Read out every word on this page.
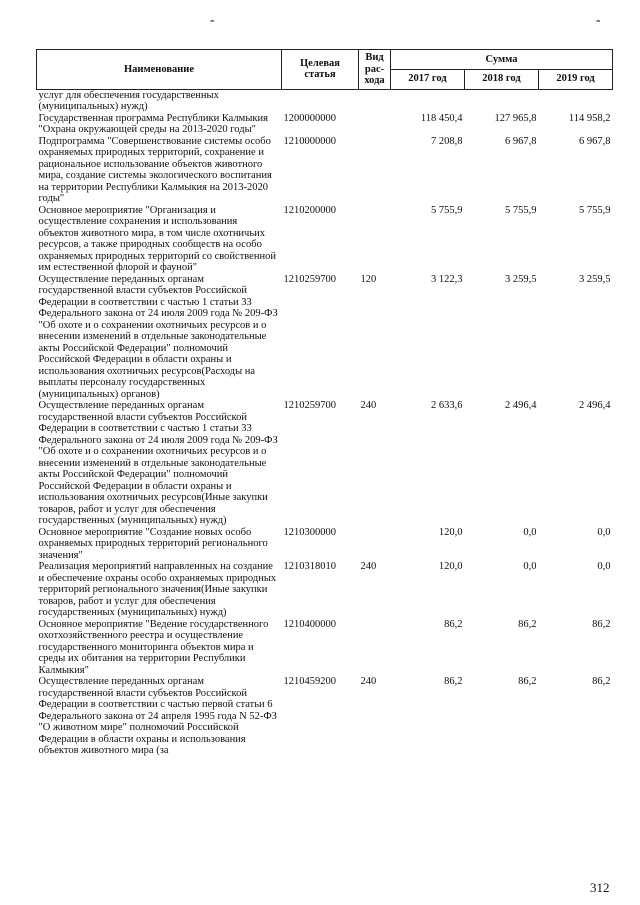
-	-
Наименование	Целевая статья	Вид рас-хода	Сумма		
			2017 год	2018 год	2019 год
услуг для обеспечения государственных (муниципальных) нужд)					
Государственная программа Республики Калмыкия "Охрана окружающей среды на 2013-2020 годы"	1200000000		118 450,4	127 965,8	114 958,2
Подпрограмма "Совершенствование системы особо охраняемых природных территорий, сохранение и рациональное использование объектов животного мира, создание системы экологического воспитания на территории Республики Калмыкия на 2013-2020 годы"	1210000000		7 208,8	6 967,8	6 967,8
Основное мероприятие "Организация и осуществление сохранения и использования объектов животного мира, в том числе охотничьих ресурсов, а также природных сообществ на особо охраняемых природных территорий со свойственной им естественной флорой и фауной"	1210200000		5 755,9	5 755,9	5 755,9
Осуществление переданных органам государственной власти субъектов Российской Федерации в соответствии с частью 1 статьи 33 Федерального закона от 24 июля 2009 года № 209-ФЗ "Об охоте и о сохранении охотничьих ресурсов и о внесении изменений в отдельные законодательные акты Российской Федерации" полномочий Российской Федерации в области охраны и использования охотничьих ресурсов(Расходы на выплаты персоналу государственных (муниципальных) органов)	1210259700	120	3 122,3	3 259,5	3 259,5
Осуществление переданных органам государственной власти субъектов Российской Федерации в соответствии с частью 1 статьи 33 Федерального закона от 24 июля 2009 года № 209-ФЗ "Об охоте и о сохранении охотничьих ресурсов и о внесении изменений в отдельные законодательные акты Российской Федерации" полномочий Российской Федерации в области охраны и использования охотничьих ресурсов(Иные закупки товаров, работ и услуг для обеспечения государственных (муниципальных) нужд)	1210259700	240	2 633,6	2 496,4	2 496,4
Основное мероприятие "Создание новых особо охраняемых природных территорий регионального значения"	1210300000		120,0	0,0	0,0
Реализация мероприятий направленных на создание и обеспечение охраны особо охраняемых природных территорий регионального значения(Иные закупки товаров, работ и услуг для обеспечения государственных (муниципальных) нужд)	1210318010	240	120,0	0,0	0,0
Основное мероприятие "Ведение государственного охотхозяйственного реестра и осуществление государственного мониторинга объектов мира и среды их обитания на территории Республики Калмыкия"	1210400000		86,2	86,2	86,2
Осуществление переданных органам государственной власти субъектов Российской Федерации в соответствии с частью первой статьи 6 Федерального закона от 24 апреля 1995 года N 52-ФЗ "О животном мире" полномочий Российской Федерации в области охраны и использования объектов животного мира (за	1210459200	240	86,2	86,2	86,2
312
